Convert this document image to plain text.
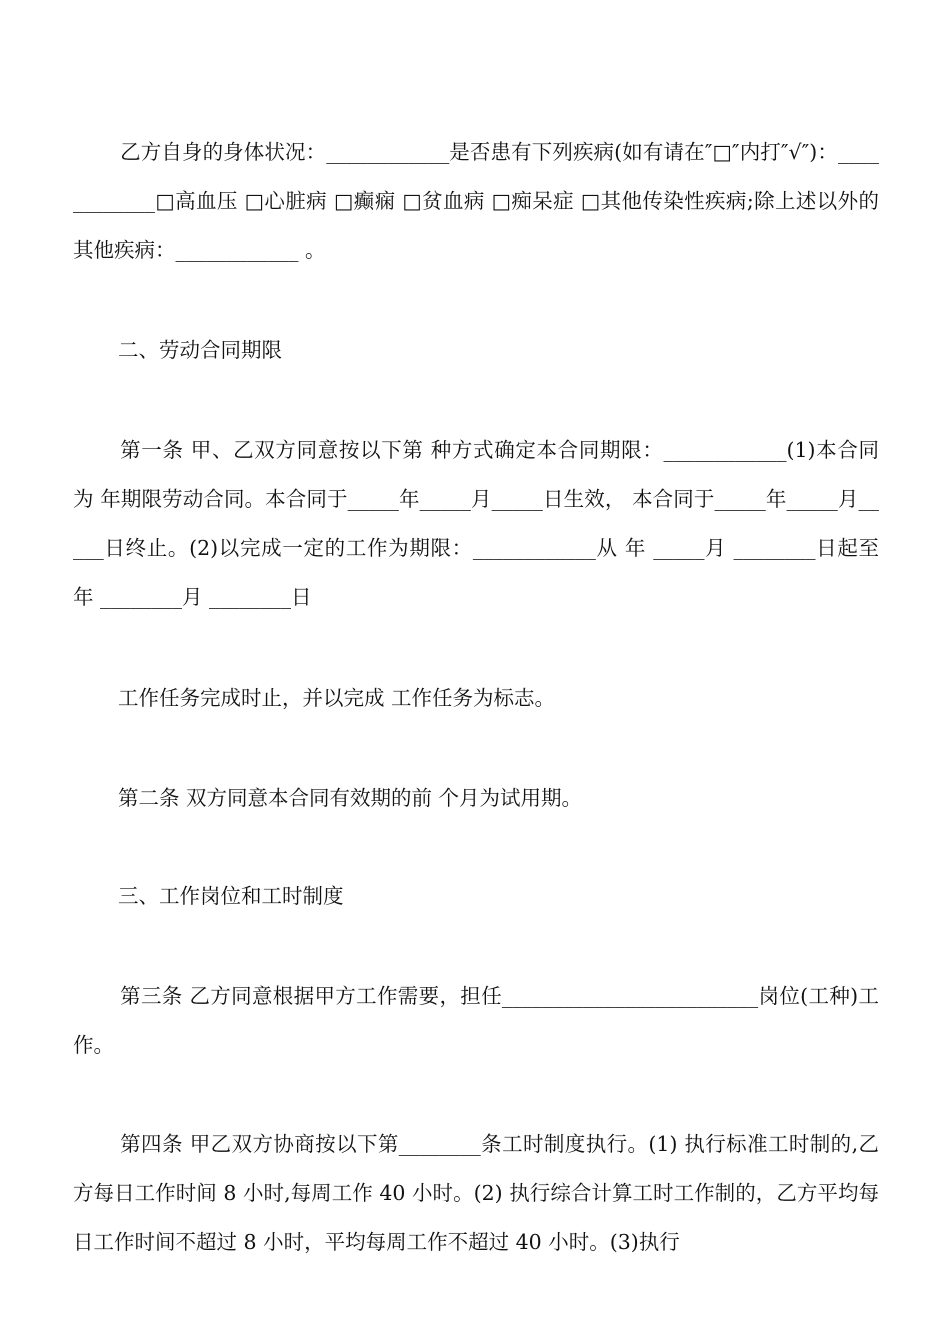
乙方自身的身体状况：____________是否患有下列疾病(如有请在″□″内打″√″)：____________□高血压 □心脏病 □癫痫 □贫血病 □痴呆症 □其他传染性疾病;除上述以外的其他疾病：____________ 。

二、劳动合同期限

第一条 甲、乙双方同意按以下第 种方式确定本合同期限：____________(1)本合同为 年期限劳动合同。本合同于_____年_____月_____日生效， 本合同于_____年_____月_____日终止。(2)以完成一定的工作为期限：____________从 年 _____月 ________日起至 年 ________月 ________日

工作任务完成时止，并以完成 工作任务为标志。

第二条 双方同意本合同有效期的前 个月为试用期。

三、工作岗位和工时制度

第三条 乙方同意根据甲方工作需要，担任_________________________岗位(工种)工作。

第四条 甲乙双方协商按以下第________条工时制度执行。(1) 执行标准工时制的,乙方每日工作时间 8 小时,每周工作 40 小时。(2) 执行综合计算工时工作制的，乙方平均每日工作时间不超过 8 小时，平均每周工作不超过 40 小时。(3)执行
